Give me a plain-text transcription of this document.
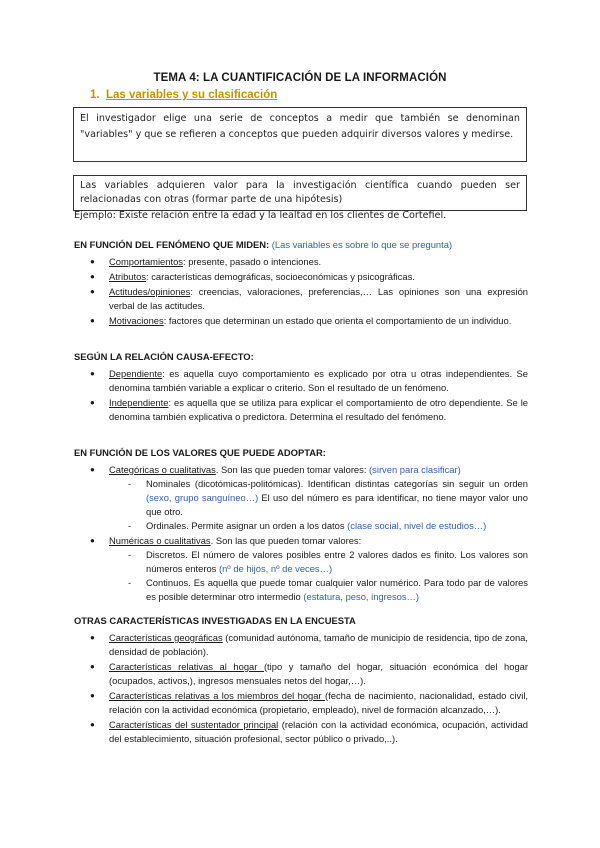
TEMA 4: LA CUANTIFICACIÓN DE LA INFORMACIÓN
1. Las variables y su clasificación
El investigador elige una serie de conceptos a medir que también se denominan "variables" y que se refieren a conceptos que pueden adquirir diversos valores y medirse.
Las variables adquieren valor para la investigación científica cuando pueden ser relacionadas con otras (formar parte de una hipótesis)
Ejemplo: Existe relación entre la edad y la lealtad en los clientes de Cortefiel.
EN FUNCIÓN DEL FENÓMENO QUE MIDEN: (Las variables es sobre lo que se pregunta)
● Comportamientos: presente, pasado o intenciones.
● Atributos: características demográficas, socioeconómicas y psicográficas.
● Actitudes/opiniones: creencias, valoraciones, preferencias,… Las opiniones son una expresión verbal de las actitudes.
● Motivaciones: factores que determinan un estado que orienta el comportamiento de un individuo.
SEGÚN LA RELACIÓN CAUSA-EFECTO:
● Dependiente: es aquella cuyo comportamiento es explicado por otra u otras independientes. Se denomina también variable a explicar o criterio. Son el resultado de un fenómeno.
● Independiente: es aquella que se utiliza para explicar el comportamiento de otro dependiente. Se le denomina también explicativa o predictora. Determina el resultado del fenómeno.
EN FUNCIÓN DE LOS VALORES QUE PUEDE ADOPTAR:
● Categóricas o cualitativas. Son las que pueden tomar valores: (sirven para clasificar)
- Nominales (dicotómicas-politómicas). Identifican distintas categorías sin seguir un orden (sexo, grupo sanguíneo…) El uso del número es para identificar, no tiene mayor valor uno que otro.
- Ordinales. Permite asignar un orden a los datos (clase social, nivel de estudios…)
● Numéricas o cualitativas. Son las que pueden tomar valores:
- Discretos. El número de valores posibles entre 2 valores dados es finito. Los valores son números enteros (nº de hijos, nº de veces…)
- Continuos. Es aquella que puede tomar cualquier valor numérico. Para todo par de valores es posible determinar otro intermedio (estatura, peso, ingresos…)
OTRAS CARACTERÍSTICAS INVESTIGADAS EN LA ENCUESTA
● Características geográficas (comunidad autónoma, tamaño de municipio de residencia, tipo de zona, densidad de población).
● Características relativas al hogar (tipo y tamaño del hogar, situación económica del hogar (ocupados, activos,), ingresos mensuales netos del hogar,…).
● Características relativas a los miembros del hogar (fecha de nacimiento, nacionalidad, estado civil, relación con la actividad económica (propietario, empleado), nivel de formación alcanzado,…).
● Características del sustentador principal (relación con la actividad económica, ocupación, actividad del establecimiento, situación profesional, sector público o privado,..).
